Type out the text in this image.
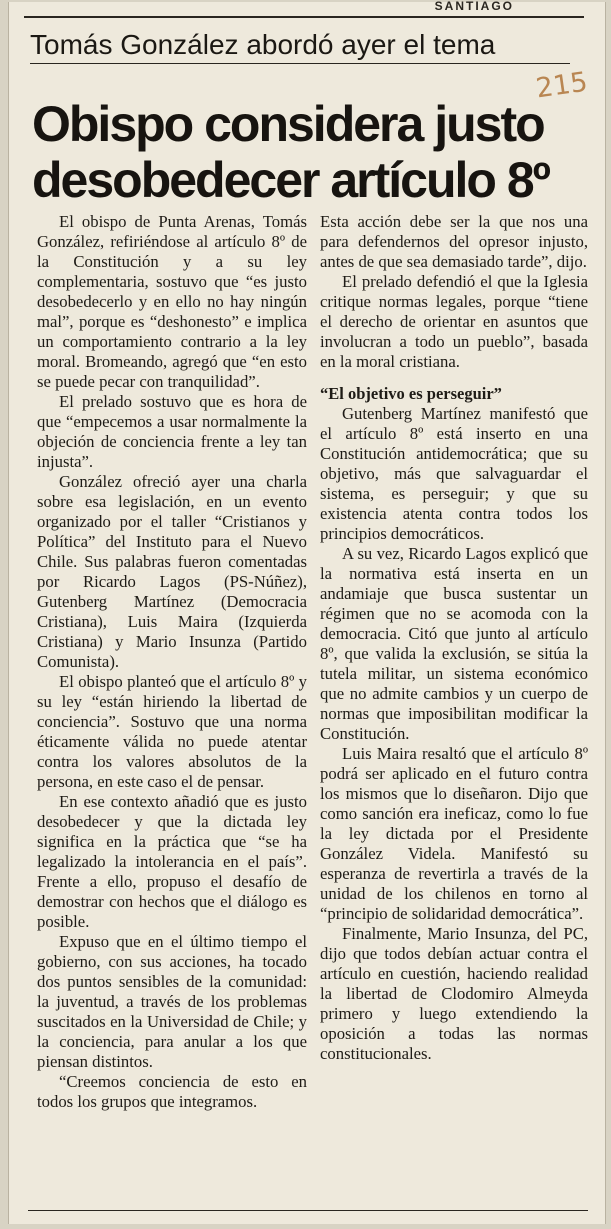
SANTIAGO
Tomás González abordó ayer el tema
215
Obispo considera justo
desobedecer artículo 8º

El obispo de Punta Arenas, Tomás González, refiriéndose al artículo 8º de la Constitución y a su ley complementaria, sostuvo que “es justo desobedecerlo y en ello no hay ningún mal”, porque es “deshonesto” e implica un comportamiento contrario a la ley moral. Bromeando, agregó que “en esto se puede pecar con tranquilidad”.

El prelado sostuvo que es hora de que “empecemos a usar normalmente la objeción de conciencia frente a ley tan injusta”.

González ofreció ayer una charla sobre esa legislación, en un evento organizado por el taller “Cristianos y Política” del Instituto para el Nuevo Chile. Sus palabras fueron comentadas por Ricardo Lagos (PS-Núñez), Gutenberg Martínez (Democracia Cristiana), Luis Maira (Izquierda Cristiana) y Mario Insunza (Partido Comunista).

El obispo planteó que el artículo 8º y su ley “están hiriendo la libertad de conciencia”. Sostuvo que una norma éticamente válida no puede atentar contra los valores absolutos de la persona, en este caso el de pensar.

En ese contexto añadió que es justo desobedecer y que la dictada ley significa en la práctica que “se ha legalizado la intolerancia en el país”. Frente a ello, propuso el desafío de demostrar con hechos que el diálogo es posible.

Expuso que en el último tiempo el gobierno, con sus acciones, ha tocado dos puntos sensibles de la comunidad: la juventud, a través de los problemas suscitados en la Universidad de Chile; y la conciencia, para anular a los que piensan distintos.

“Creemos conciencia de esto en todos los grupos que integramos.

Esta acción debe ser la que nos una para defendernos del opresor injusto, antes de que sea demasiado tarde”, dijo.

El prelado defendió el que la Iglesia critique normas legales, porque “tiene el derecho de orientar en asuntos que involucran a todo un pueblo”, basada en la moral cristiana.

“El objetivo es perseguir”

Gutenberg Martínez manifestó que el artículo 8º está inserto en una Constitución antidemocrática; que su objetivo, más que salvaguardar el sistema, es perseguir; y que su existencia atenta contra todos los principios democráticos.

A su vez, Ricardo Lagos explicó que la normativa está inserta en un andamiaje que busca sustentar un régimen que no se acomoda con la democracia. Citó que junto al artículo 8º, que valida la exclusión, se sitúa la tutela militar, un sistema económico que no admite cambios y un cuerpo de normas que imposibilitan modificar la Constitución.

Luis Maira resaltó que el artículo 8º podrá ser aplicado en el futuro contra los mismos que lo diseñaron. Dijo que como sanción era ineficaz, como lo fue la ley dictada por el Presidente González Videla. Manifestó su esperanza de revertirla a través de la unidad de los chilenos en torno al “principio de solidaridad democrática”.

Finalmente, Mario Insunza, del PC, dijo que todos debían actuar contra el artículo en cuestión, haciendo realidad la libertad de Clodomiro Almeyda primero y luego extendiendo la oposición a todas las normas constitucionales.
